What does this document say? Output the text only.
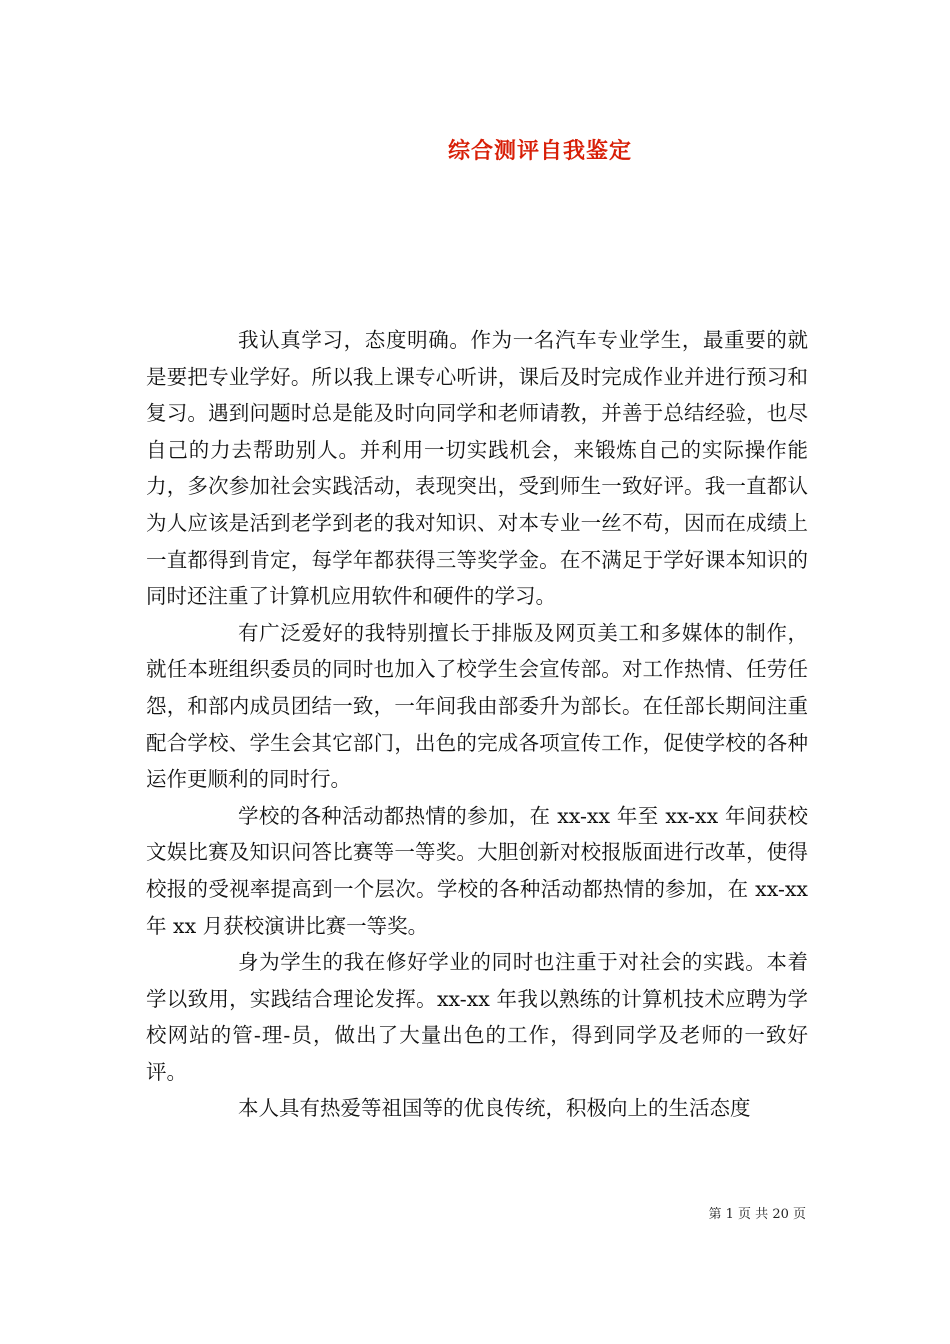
综合测评自我鉴定

我认真学习，态度明确。作为一名汽车专业学生，最重要的就是要把专业学好。所以我上课专心听讲，课后及时完成作业并进行预习和复习。遇到问题时总是能及时向同学和老师请教，并善于总结经验，也尽自己的力去帮助别人。并利用一切实践机会，来锻炼自己的实际操作能力，多次参加社会实践活动，表现突出，受到师生一致好评。我一直都认为人应该是活到老学到老的我对知识、对本专业一丝不苟，因而在成绩上一直都得到肯定，每学年都获得三等奖学金。在不满足于学好课本知识的同时还注重了计算机应用软件和硬件的学习。

有广泛爱好的我特别擅长于排版及网页美工和多媒体的制作，就任本班组织委员的同时也加入了校学生会宣传部。对工作热情、任劳任怨，和部内成员团结一致，一年间我由部委升为部长。在任部长期间注重配合学校、学生会其它部门，出色的完成各项宣传工作，促使学校的各种运作更顺利的同时行。

学校的各种活动都热情的参加，在 xx-xx 年至 xx-xx 年间获校文娱比赛及知识问答比赛等一等奖。大胆创新对校报版面进行改革，使得校报的受视率提高到一个层次。学校的各种活动都热情的参加，在 xx-xx 年 xx 月获校演讲比赛一等奖。

身为学生的我在修好学业的同时也注重于对社会的实践。本着学以致用，实践结合理论发挥。xx-xx 年我以熟练的计算机技术应聘为学校网站的管-理-员，做出了大量出色的工作，得到同学及老师的一致好评。

本人具有热爱等祖国等的优良传统，积极向上的生活态度

第 1 页 共 20 页
